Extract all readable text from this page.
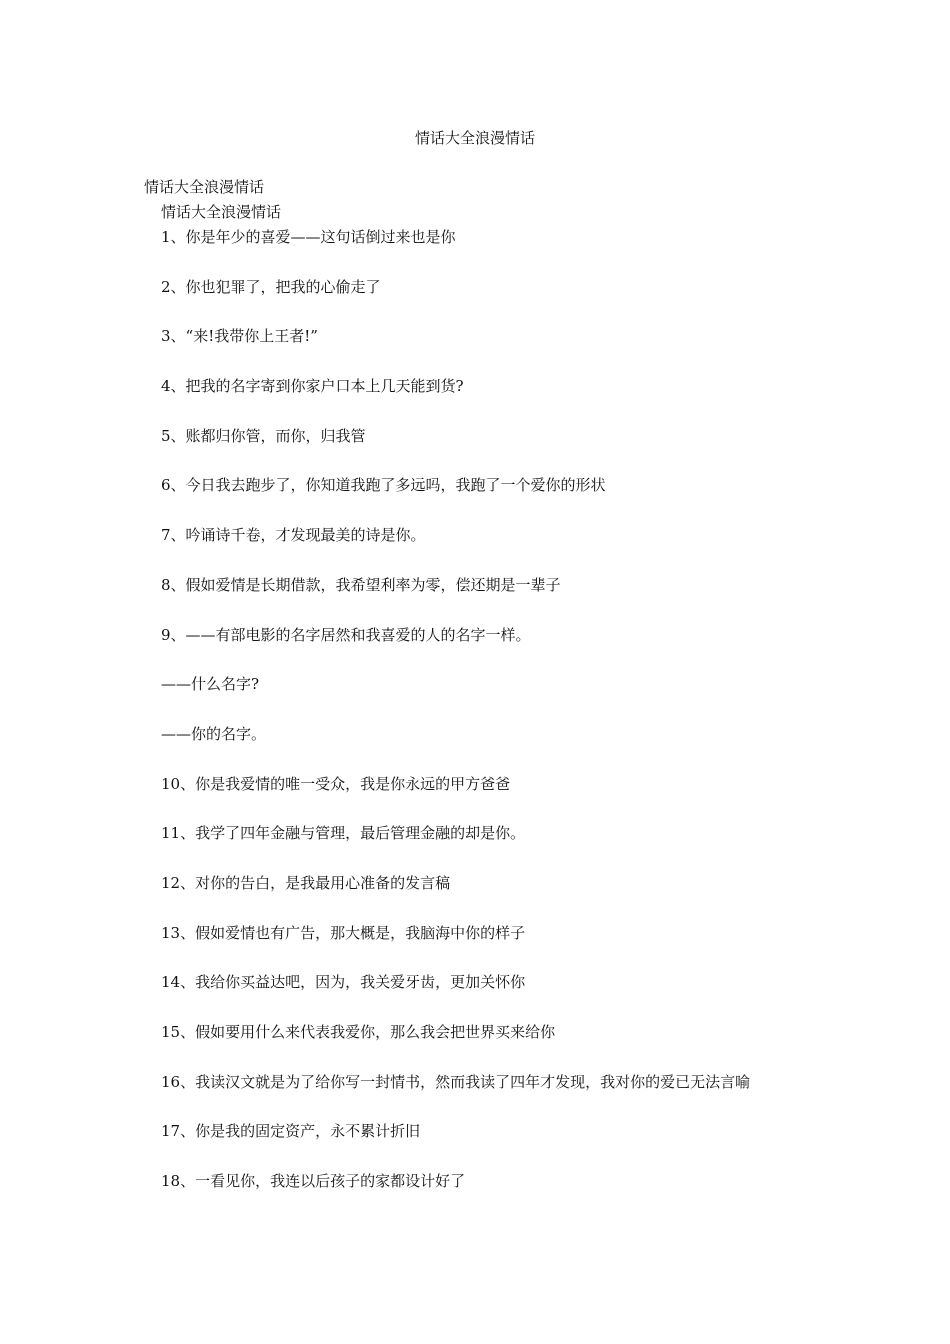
情话大全浪漫情话
情话大全浪漫情话
情话大全浪漫情话
1、你是年少的喜爱——这句话倒过来也是你
2、你也犯罪了，把我的心偷走了
3、“来!我带你上王者!”
4、把我的名字寄到你家户口本上几天能到货?
5、账都归你管，而你，归我管
6、今日我去跑步了，你知道我跑了多远吗，我跑了一个爱你的形状
7、吟诵诗千卷，才发现最美的诗是你。
8、假如爱情是长期借款，我希望利率为零，偿还期是一辈子
9、——有部电影的名字居然和我喜爱的人的名字一样。
——什么名字?
——你的名字。
10、你是我爱情的唯一受众，我是你永远的甲方爸爸
11、我学了四年金融与管理，最后管理金融的却是你。
12、对你的告白，是我最用心准备的发言稿
13、假如爱情也有广告，那大概是，我脑海中你的样子
14、我给你买益达吧，因为，我关爱牙齿，更加关怀你
15、假如要用什么来代表我爱你，那么我会把世界买来给你
16、我读汉文就是为了给你写一封情书，然而我读了四年才发现，我对你的爱已无法言喻
17、你是我的固定资产，永不累计折旧
18、一看见你，我连以后孩子的家都设计好了
